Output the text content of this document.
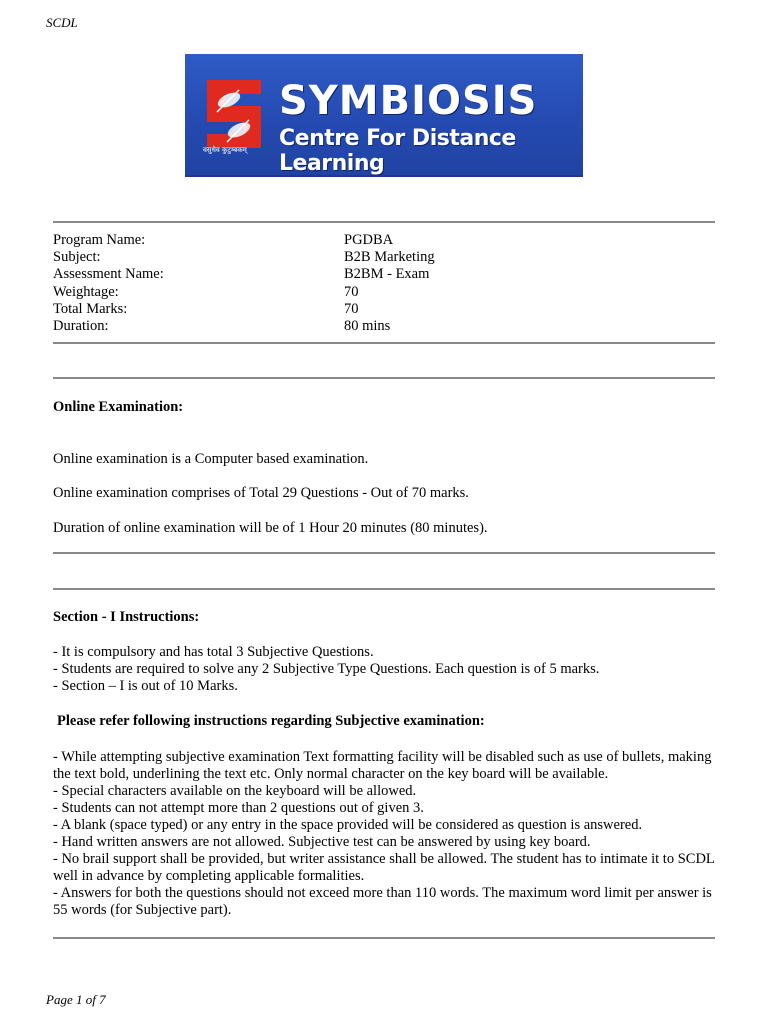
SCDL
वसुधैव कुटुम्बकम्
SYMBIOSIS
Centre For Distance Learning
Program Name:	PGDBA
Subject:	B2B Marketing
Assessment Name:	B2BM - Exam
Weightage:	70
Total Marks:	70
Duration:	80 mins
Online Examination:
Online examination is a Computer based examination.
Online examination comprises of Total 29 Questions - Out of 70 marks.
Duration of online examination will be of 1 Hour 20 minutes (80 minutes).
Section - I Instructions:
- It is compulsory and has total 3 Subjective Questions.
- Students are required to solve any 2 Subjective Type Questions. Each question is of 5 marks.
- Section – I is out of 10 Marks.
Please refer following instructions regarding Subjective examination:
- While attempting subjective examination Text formatting facility will be disabled such as use of bullets, making the text bold, underlining the text etc. Only normal character on the key board will be available.
- Special characters available on the keyboard will be allowed.
- Students can not attempt more than 2 questions out of given 3.
- A blank (space typed) or any entry in the space provided will be considered as question is answered.
- Hand written answers are not allowed. Subjective test can be answered by using key board.
- No brail support shall be provided, but writer assistance shall be allowed. The student has to intimate it to SCDL well in advance by completing applicable formalities.
- Answers for both the questions should not exceed more than 110 words. The maximum word limit per answer is 55 words (for Subjective part).
Page 1 of 7
